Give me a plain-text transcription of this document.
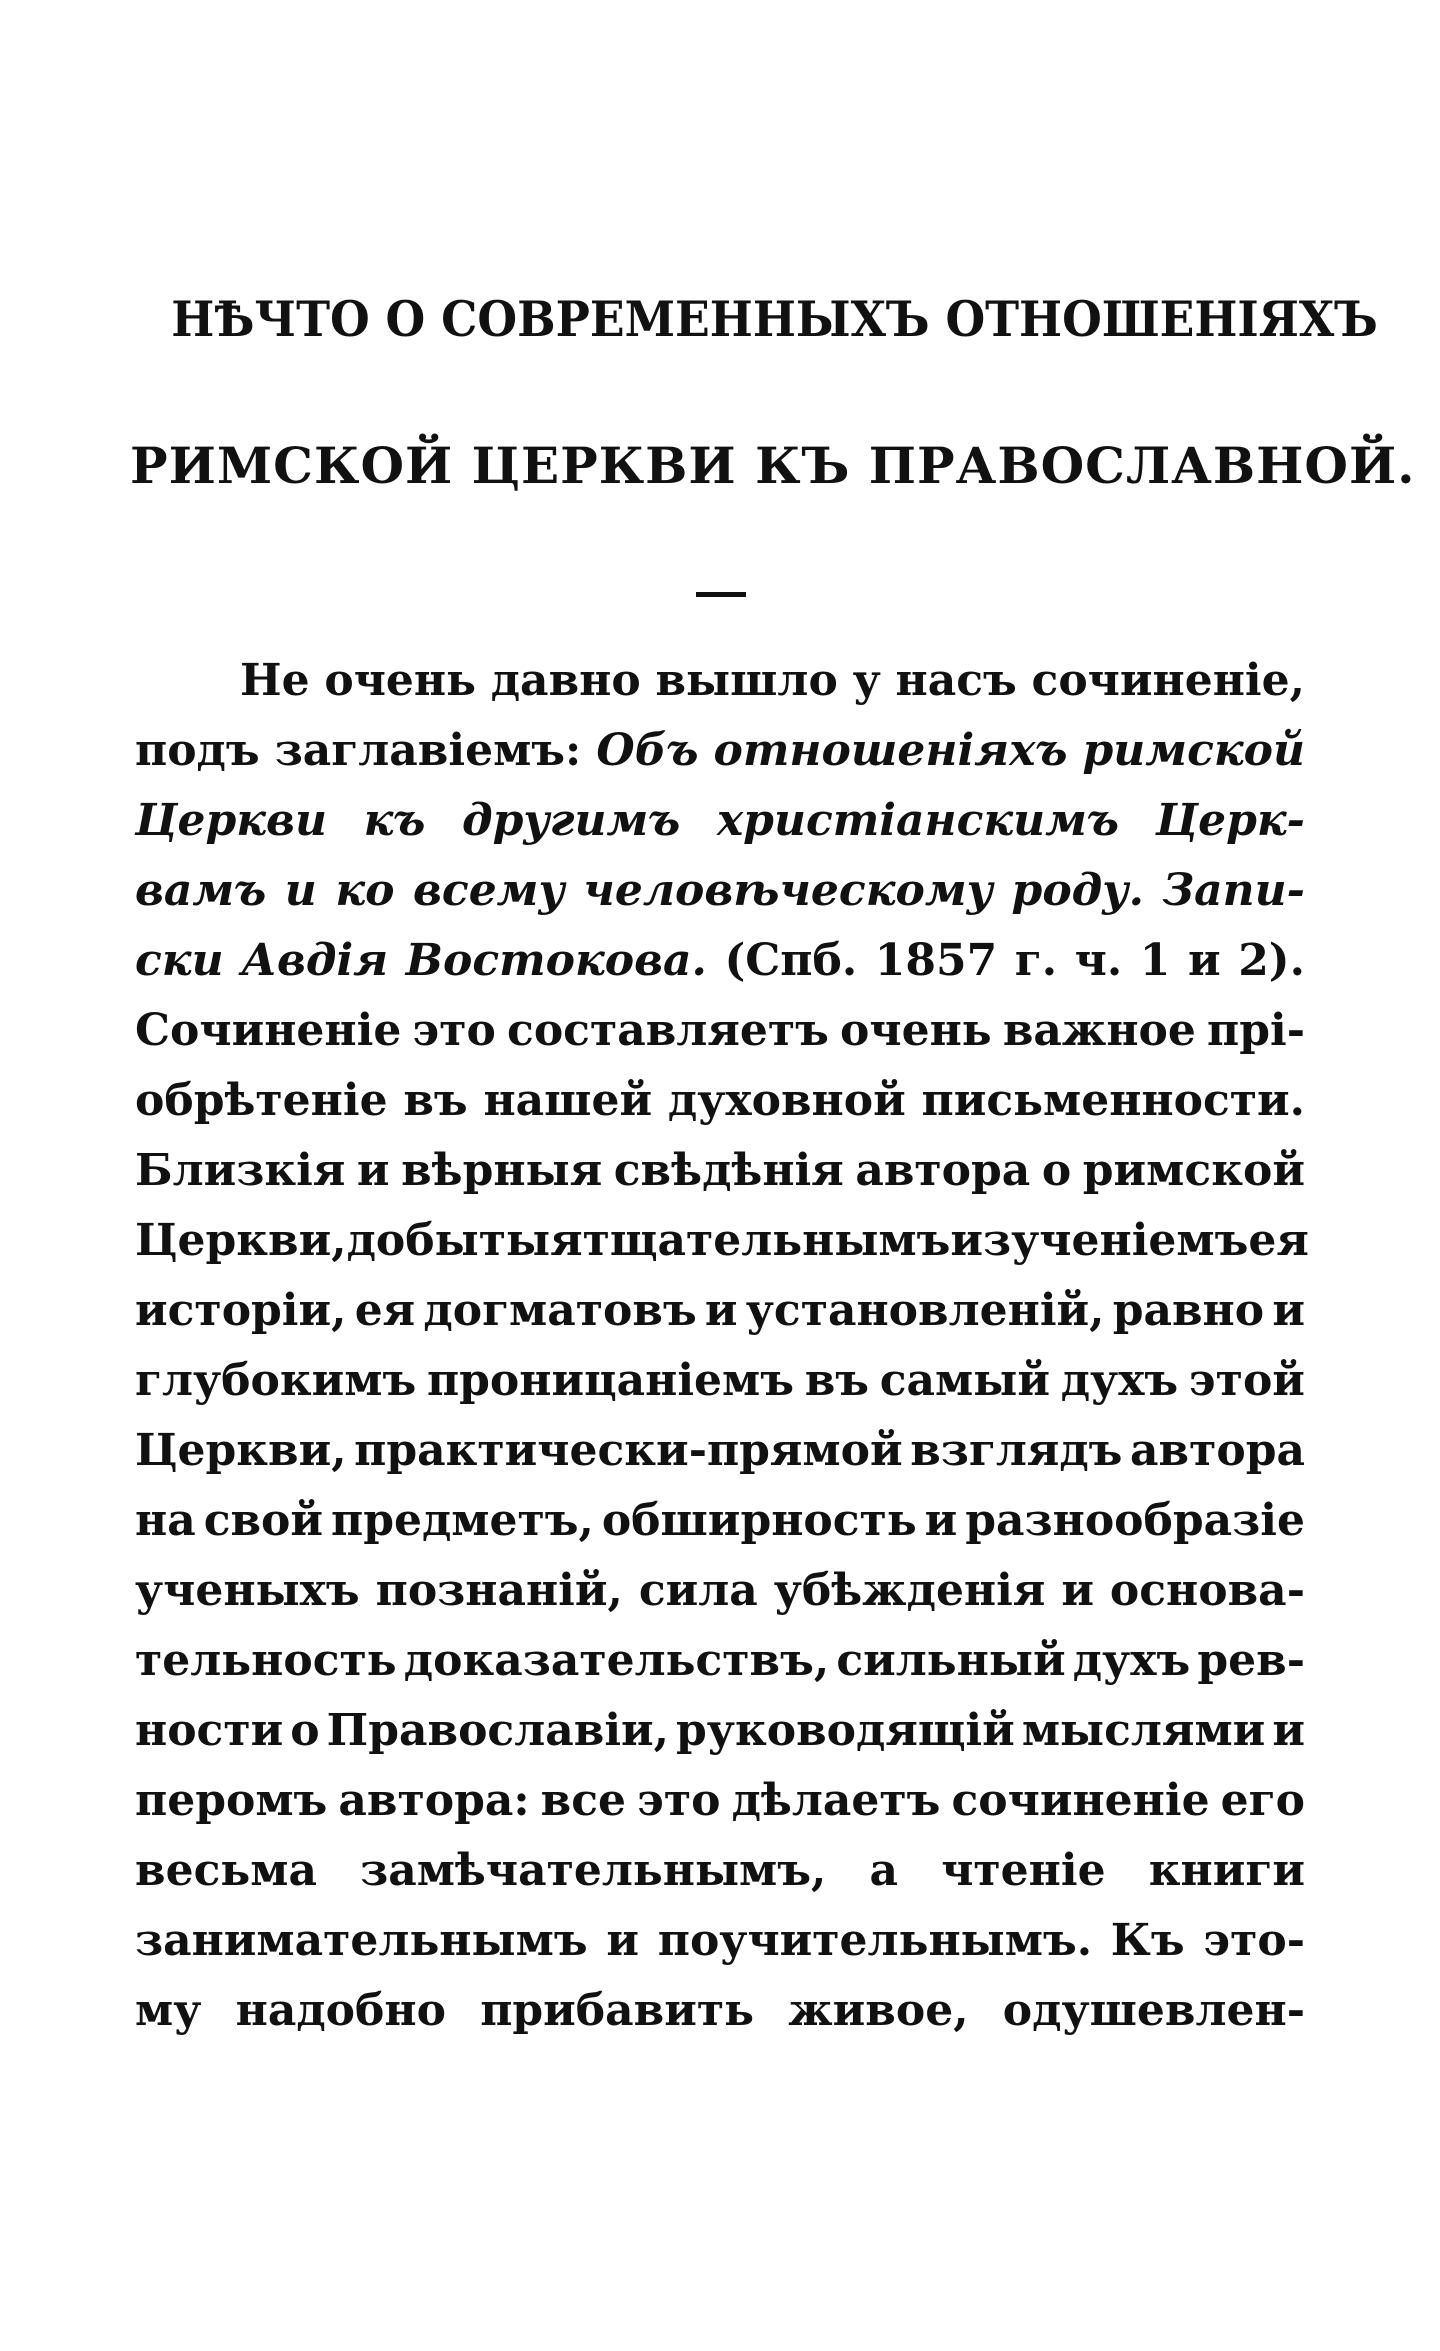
НѢЧТО О СОВРЕМЕННЫХЪ ОТНОШЕНІЯХЪ
РИМСКОЙ ЦЕРКВИ КЪ ПРАВОСЛАВНОЙ.
Не очень давно вышло у насъ сочиненіе,
подъ заглавіемъ: Объ отношеніяхъ римской
Церкви къ другимъ христіанскимъ Церк-
вамъ и ко всему человѣческому роду. Запи-
ски Авдія Востокова. (Спб. 1857 г. ч. 1 и 2).
Сочиненіе это составляетъ очень важное прі-
обрѣтеніе въ нашей духовной письменности.
Близкія и вѣрныя свѣдѣнія автора о римской
Церкви, добытыя тщательнымъ изученіемъ ея
исторіи, ея догматовъ и установленій, равно и
глубокимъ проницаніемъ въ самый духъ этой
Церкви, практически-прямой взглядъ автора
на свой предметъ, обширность и разнообразіе
ученыхъ познаній, сила убѣжденія и основа-
тельность доказательствъ, сильный духъ рев-
ности о Православіи, руководящій мыслями и
перомъ автора: все это дѣлаетъ сочиненіе его
весьма замѣчательнымъ, а чтеніе книги
занимательнымъ и поучительнымъ. Къ это-
му надобно прибавить живое, одушевлен-
